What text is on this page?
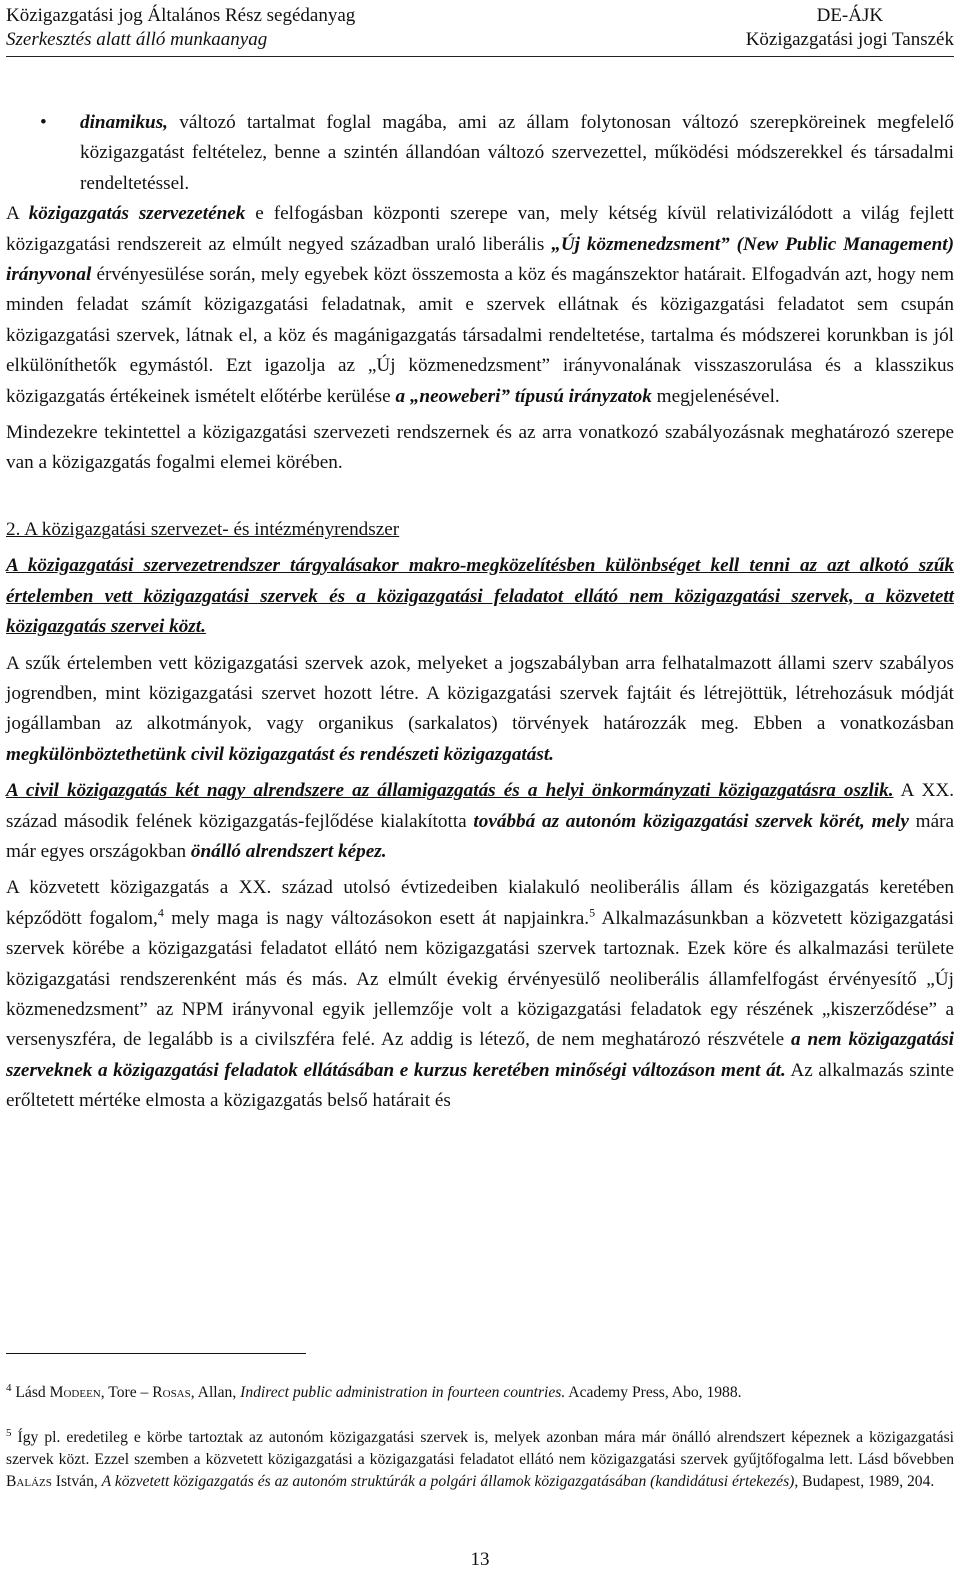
Közigazgatási jog Általános Rész segédanyag
Szerkesztés alatt álló munkaanyag
DE-ÁJK
Közigazgatási jogi Tanszék
•	dinamikus, változó tartalmat foglal magába, ami az állam folytonosan változó szerepköreinek megfelelő közigazgatást feltételez, benne a szintén állandóan változó szervezettel, működési módszerekkel és társadalmi rendeltetéssel.

A közigazgatás szervezetének e felfogásban központi szerepe van, mely kétség kívül relativizálódott a világ fejlett közigazgatási rendszereit az elmúlt negyed században uraló liberális „Új közmenedzsment” (New Public Management) irányvonal érvényesülése során, mely egyebek közt összemosta a köz és magánszektor határait. Elfogadván azt, hogy nem minden feladat számít közigazgatási feladatnak, amit e szervek ellátnak és közigazgatási feladatot sem csupán közigazgatási szervek, látnak el, a köz és magánigazgatás társadalmi rendeltetése, tartalma és módszerei korunkban is jól elkülöníthetők egymástól. Ezt igazolja az „Új közmenedzsment” irányvonalának visszaszorulása és a klasszikus közigazgatás értékeinek ismételt előtérbe kerülése a „neoweberi” típusú irányzatok megjelenésével.

Mindezekre tekintettel a közigazgatási szervezeti rendszernek és az arra vonatkozó szabályozásnak meghatározó szerepe van a közigazgatás fogalmi elemei körében.

2. A közigazgatási szervezet- és intézményrendszer

A közigazgatási szervezetrendszer tárgyalásakor makro-megközelítésben különbséget kell tenni az azt alkotó szűk értelemben vett közigazgatási szervek és a közigazgatási feladatot ellátó nem közigazgatási szervek, a közvetett közigazgatás szervei közt.

A szűk értelemben vett közigazgatási szervek azok, melyeket a jogszabályban arra felhatalmazott állami szerv szabályos jogrendben, mint közigazgatási szervet hozott létre. A közigazgatási szervek fajtáit és létrejöttük, létrehozásuk módját jogállamban az alkotmányok, vagy organikus (sarkalatos) törvények határozzák meg. Ebben a vonatkozásban megkülönböztethetünk civil közigazgatást és rendészeti közigazgatást.

A civil közigazgatás két nagy alrendszere az államigazgatás és a helyi önkormányzati közigazgatásra oszlik. A XX. század második felének közigazgatás-fejlődése kialakította továbbá az autonóm közigazgatási szervek körét, mely mára már egyes országokban önálló alrendszert képez.

A közvetett közigazgatás a XX. század utolsó évtizedeiben kialakuló neoliberális állam és közigazgatás keretében képződött fogalom,$^4$ mely maga is nagy változásokon esett át napjainkra.$^5$ Alkalmazásunkban a közvetett közigazgatási szervek körébe a közigazgatási feladatot ellátó nem közigazgatási szervek tartoznak. Ezek köre és alkalmazási területe közigazgatási rendszerenként más és más. Az elmúlt évekig érvényesülő neoliberális államfelfogást érvényesítő „Új közmenedzsment” az NPM irányvonal egyik jellemzője volt a közigazgatási feladatok egy részének „kiszerződése” a versenyszféra, de legalább is a civilszféra felé. Az addig is létező, de nem meghatározó részvétele a nem közigazgatási szerveknek a közigazgatási feladatok ellátásában e kurzus keretében minőségi változáson ment át. Az alkalmazás szinte erőltetett mértéke elmosta a közigazgatás belső határait és

$^4$ Lásd Modeen, Tore – Rosas, Allan, Indirect public administration in fourteen countries. Academy Press, Abo, 1988.
$^5$ Így pl. eredetileg e körbe tartoztak az autonóm közigazgatási szervek is, melyek azonban mára már önálló alrendszert képeznek a közigazgatási szervek közt. Ezzel szemben a közvetett közigazgatási a közigazgatási feladatot ellátó nem közigazgatási szervek gyűjtőfogalma lett. Lásd bővebben Balázs István, A közvetett közigazgatás és az autonóm struktúrák a polgári államok közigazgatásában (kandidátusi értekezés), Budapest, 1989, 204.
13
